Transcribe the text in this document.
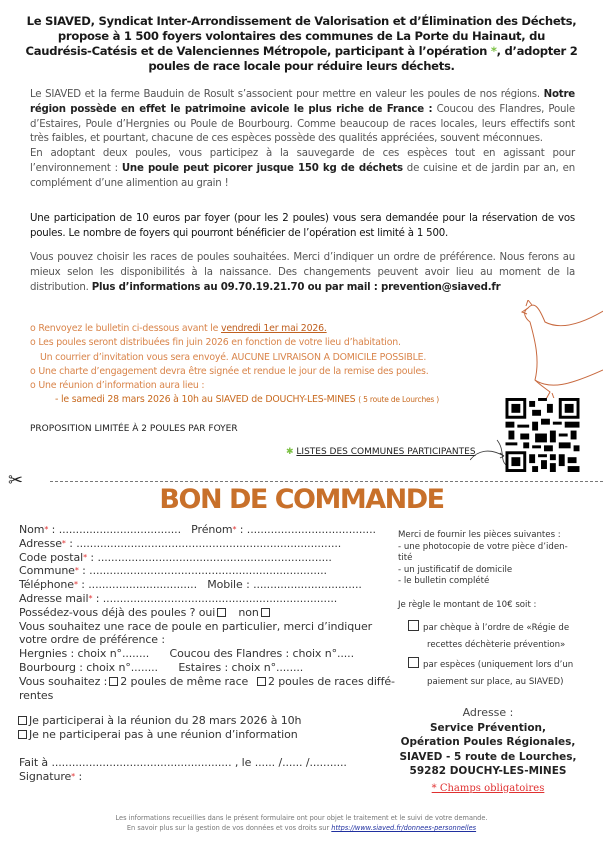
Le SIAVED, Syndicat Inter-Arrondissement de Valorisation et d’Élimination des Déchets,
propose à 1 500 foyers volontaires des communes de La Porte du Hainaut, du
Caudrésis-Catésis et de Valenciennes Métropole, participant à l’opération *, d’adopter 2
poules de race locale pour réduire leurs déchets.
Le SIAVED et la ferme Bauduin de Rosult s’associent pour mettre en valeur les poules de nos régions. Notre région possède en effet le patrimoine avicole le plus riche de France : Coucou des Flandres, Poule d’Estaires, Poule d’Hergnies ou Poule de Bourbourg. Comme beaucoup de races locales, leurs effectifs sont très faibles, et pourtant, chacune de ces espèces possède des qualités appréciées, souvent méconnues.
En adoptant deux poules, vous participez à la sauvegarde de ces espèces tout en agissant pour l’environnement : Une poule peut picorer jusque 150 kg de déchets de cuisine et de jardin par an, en complément d’une alimention au grain !
Une participation de 10 euros par foyer (pour les 2 poules) vous sera demandée pour la réservation de vos poules. Le nombre de foyers qui pourront bénéficier de l’opération est limité à 1 500.
Vous pouvez choisir les races de poules souhaitées. Merci d’indiquer un ordre de préférence. Nous ferons au mieux selon les disponibilités à la naissance. Des changements peuvent avoir lieu au moment de la distribution. Plus d’informations au 09.70.19.21.70 ou par mail : prevention@siaved.fr
o Renvoyez le bulletin ci-dessous avant le vendredi 1er mai 2026.
o Les poules seront distribuées fin juin 2026 en fonction de votre lieu d’habitation.
Un courrier d’invitation vous sera envoyé. AUCUNE LIVRAISON A DOMICILE POSSIBLE.
o Une charte d’engagement devra être signée et rendue le jour de la remise des poules.
o Une réunion d’information aura lieu :
- le samedi 28 mars 2026 à 10h au SIAVED de DOUCHY-LES-MINES ( 5 route de Lourches )
PROPOSITION LIMITÉE À 2 POULES PAR FOYER
✱ LISTES DES COMMUNES PARTICIPANTES
✂
BON DE COMMANDE
Nom* : .................................... Prénom* : ......................................
Adresse* : ..............................................................................
Code postal* : .....................................................................
Commune* : ......................................................................
Téléphone* : ................................ Mobile : ................................
Adresse mail* : .....................................................................
Possédez-vous déjà des poules ? oui non
Vous souhaitez une race de poule en particulier, merci d’indiquer
votre ordre de préférence :
Hergnies : choix n°........ Coucou des Flandres : choix n°.....
Bourbourg : choix n°........ Estaires : choix n°........
Vous souhaitez : 2 poules de même race 2 poules de races diffé-
rentes
Je participerai à la réunion du 28 mars 2026 à 10h
Je ne participerai pas à une réunion d’information
Fait à ..................................................... , le ...... /...... /...........
Signature* :
Merci de fournir les pièces suivantes :
- une photocopie de votre pièce d’iden-
tité
- un justificatif de domicile
- le bulletin complété
Je règle le montant de 10€ soit :
par chèque à l’ordre de «Régie de
recettes déchèterie prévention»
par espèces (uniquement lors d’un
paiement sur place, au SIAVED)
Adresse :
Service Prévention,
Opération Poules Régionales,
SIAVED - 5 route de Lourches,
59282 DOUCHY-LES-MINES
* Champs obligatoires
Les informations recueillies dans le présent formulaire ont pour objet le traitement et le suivi de votre demande.
En savoir plus sur la gestion de vos données et vos droits sur https://www.siaved.fr/donnees-personnelles
